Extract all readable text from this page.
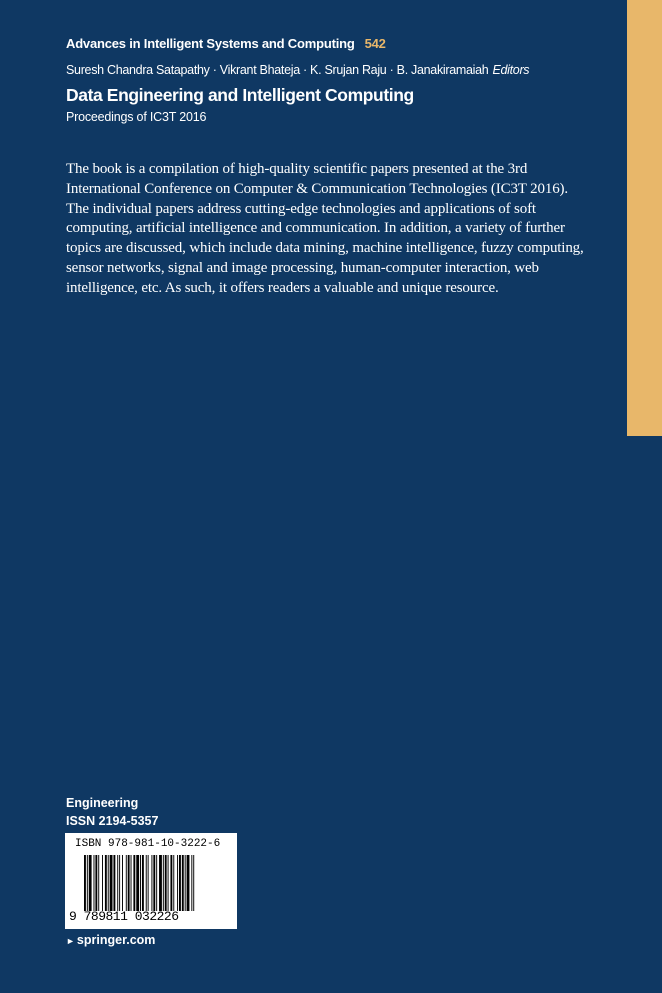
Advances in Intelligent Systems and Computing 542
Suresh Chandra Satapathy · Vikrant Bhateja · K. Srujan Raju · B. Janakiramaiah Editors
Data Engineering and Intelligent Computing
Proceedings of IC3T 2016

The book is a compilation of high-quality scientific papers presented at the 3rd International Conference on Computer & Communication Technologies (IC3T 2016). The individual papers address cutting-edge technologies and applications of soft computing, artificial intelligence and communication. In addition, a variety of further topics are discussed, which include data mining, machine intelligence, fuzzy computing, sensor networks, signal and image processing, human-computer interaction, web intelligence, etc. As such, it offers readers a valuable and unique resource.

Engineering
ISSN 2194-5357
ISBN 978-981-10-3222-6
9 789811 032226
► springer.com
